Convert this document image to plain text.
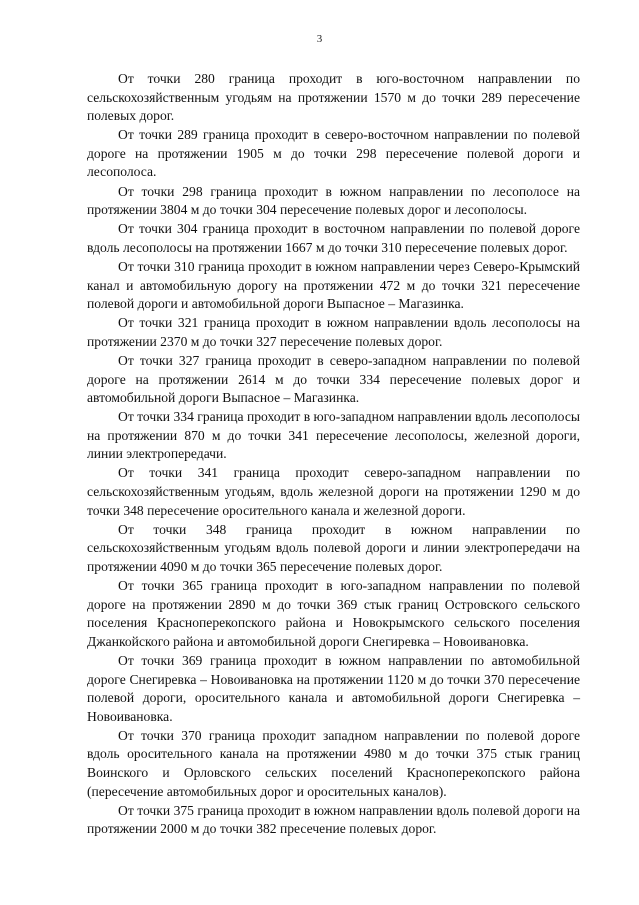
3

От точки 280 граница проходит в юго-восточном направлении по сельскохозяйственным угодьям на протяжении 1570 м до точки 289 пересечение полевых дорог.

От точки 289 граница проходит в северо-восточном направлении по полевой дороге на протяжении 1905 м до точки 298 пересечение полевой дороги и лесополоса.

От точки 298 граница проходит в южном направлении по лесополосе на протяжении 3804 м до точки 304 пересечение полевых дорог и лесополосы.

От точки 304 граница проходит в восточном направлении по полевой дороге вдоль лесополосы на протяжении 1667 м до точки 310 пересечение полевых дорог.

От точки 310 граница проходит в южном направлении через Северо-Крымский канал и автомобильную дорогу на протяжении 472 м до точки 321 пересечение полевой дороги и автомобильной дороги Выпасное – Магазинка.

От точки 321 граница проходит в южном направлении вдоль лесополосы на протяжении 2370 м до точки 327 пересечение полевых дорог.

От точки 327 граница проходит в северо-западном направлении по полевой дороге на протяжении 2614 м до точки 334 пересечение полевых дорог и автомобильной дороги Выпасное – Магазинка.

От точки 334 граница проходит в юго-западном направлении вдоль лесополосы на протяжении 870 м до точки 341 пересечение лесополосы, железной дороги, линии электропередачи.

От точки 341 граница проходит северо-западном направлении по сельскохозяйственным угодьям, вдоль железной дороги на протяжении 1290 м до точки 348 пересечение оросительного канала и железной дороги.

От точки 348 граница проходит в южном направлении по сельскохозяйственным угодьям вдоль полевой дороги и линии электропередачи на протяжении 4090 м до точки 365 пересечение полевых дорог.

От точки 365 граница проходит в юго-западном направлении по полевой дороге на протяжении 2890 м до точки 369 стык границ Островского сельского поселения Красноперекопского района и Новокрымского сельского поселения Джанкойского района и автомобильной дороги Снегиревка – Новоивановка.

От точки 369 граница проходит в южном направлении по автомобильной дороге Снегиревка – Новоивановка на протяжении 1120 м до точки 370 пересечение полевой дороги, оросительного канала и автомобильной дороги Снегиревка – Новоивановка.

От точки 370 граница проходит западном направлении по полевой дороге вдоль оросительного канала на протяжении 4980 м до точки 375 стык границ Воинского и Орловского сельских поселений Красноперекопского района (пересечение автомобильных дорог и оросительных каналов).

От точки 375 граница проходит в южном направлении вдоль полевой дороги на протяжении 2000 м до точки 382 пресечение полевых дорог.
